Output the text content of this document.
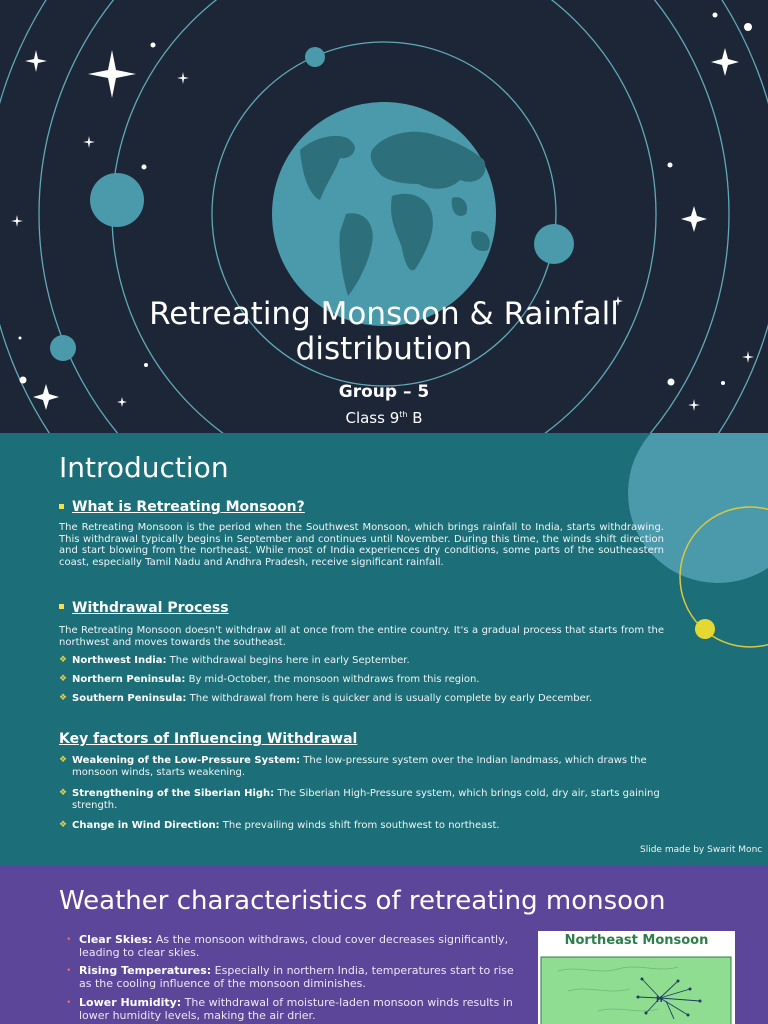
Retreating Monsoon & Rainfall
distribution
Group – 5
Class 9th B
Introduction
What is Retreating Monsoon?
The Retreating Monsoon is the period when the Southwest Monsoon, which brings rainfall to India, starts withdrawing. This withdrawal typically begins in September and continues until November. During this time, the winds shift direction and start blowing from the northeast. While most of India experiences dry conditions, some parts of the southeastern coast, especially Tamil Nadu and Andhra Pradesh, receive significant rainfall.
Withdrawal Process
The Retreating Monsoon doesn't withdraw all at once from the entire country. It's a gradual process that starts from the northwest and moves towards the southeast.
❖ Northwest India: The withdrawal begins here in early September.
❖ Northern Peninsula: By mid-October, the monsoon withdraws from this region.
❖ Southern Peninsula: The withdrawal from here is quicker and is usually complete by early December.
Key factors of Influencing Withdrawal
❖ Weakening of the Low-Pressure System: The low-pressure system over the Indian landmass, which draws the monsoon winds, starts weakening.
❖ Strengthening of the Siberian High: The Siberian High-Pressure system, which brings cold, dry air, starts gaining strength.
❖ Change in Wind Direction: The prevailing winds shift from southwest to northeast.
Slide made by Swarit Monc
Weather characteristics of retreating monsoon
• Clear Skies: As the monsoon withdraws, cloud cover decreases significantly, leading to clear skies.
• Rising Temperatures: Especially in northern India, temperatures start to rise as the cooling influence of the monsoon diminishes.
• Lower Humidity: The withdrawal of moisture-laden monsoon winds results in lower humidity levels, making the air drier.
H
Northeast Monsoon
